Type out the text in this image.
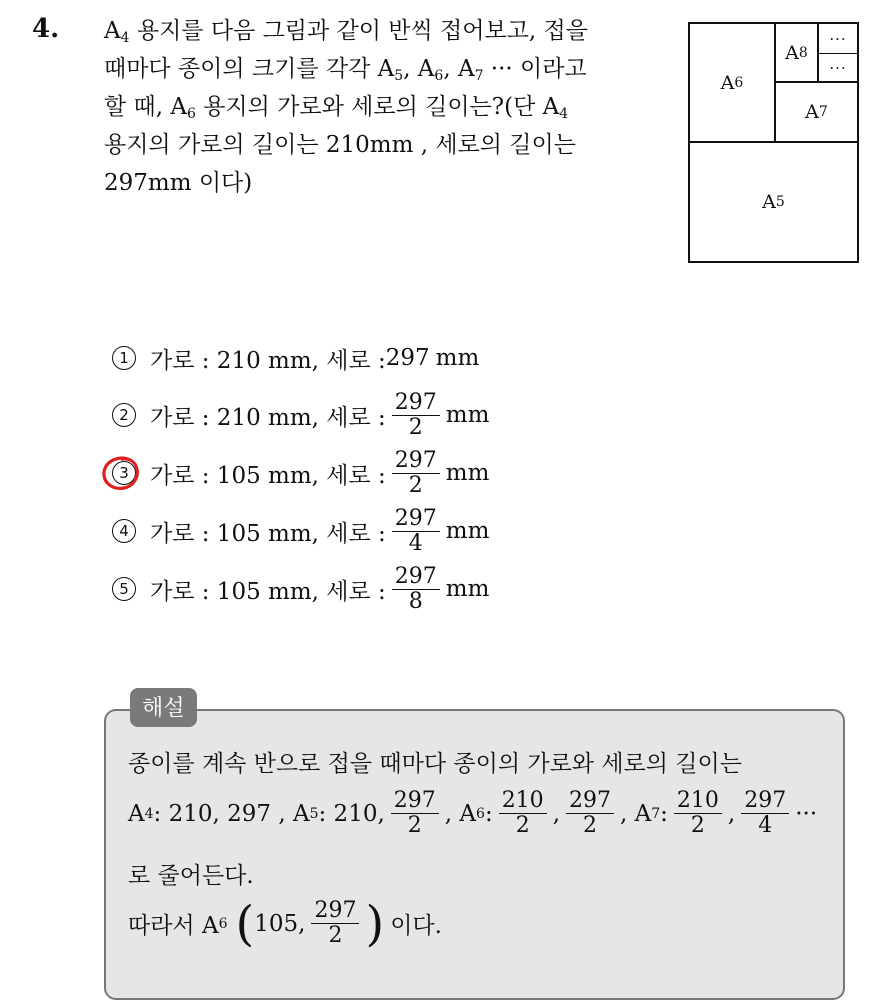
4. $A_4$ 용지를 다음 그림과 같이 반씩 접어보고, 접을
때마다 종이의 크기를 각각 $A_5$, $A_6$, $A_7$ ··· 이라고
할 때, $A_6$ 용지의 가로와 세로의 길이는?(단 $A_4$
용지의 가로의 길이는 210mm , 세로의 길이는
297mm 이다)
A 6
A 8
···
···
A 7
A 5
1 가로 : 210 mm, 세로 : 297 mm
2 가로 : 210 mm, 세로 : $\frac{297}{2}$ mm
3 가로 : 105 mm, 세로 : $\frac{297}{2}$ mm
4 가로 : 105 mm, 세로 : $\frac{297}{4}$ mm
5 가로 : 105 mm, 세로 : $\frac{297}{8}$ mm
종이를 계속 반으로 접을 때마다 종이의 가로와 세로의 길이는
A 4 : 210, 297 , A 5 : 210, $\frac{297}{2}$ , A 6 : $\frac{210}{2}$ , $\frac{297}{2}$ , A 7 : $\frac{210}{2}$ , $\frac{297}{4}$ ···
로 줄어든다.
따라서 A 6 ( 105, $\frac{297}{2}$ ) 이다.
해설
